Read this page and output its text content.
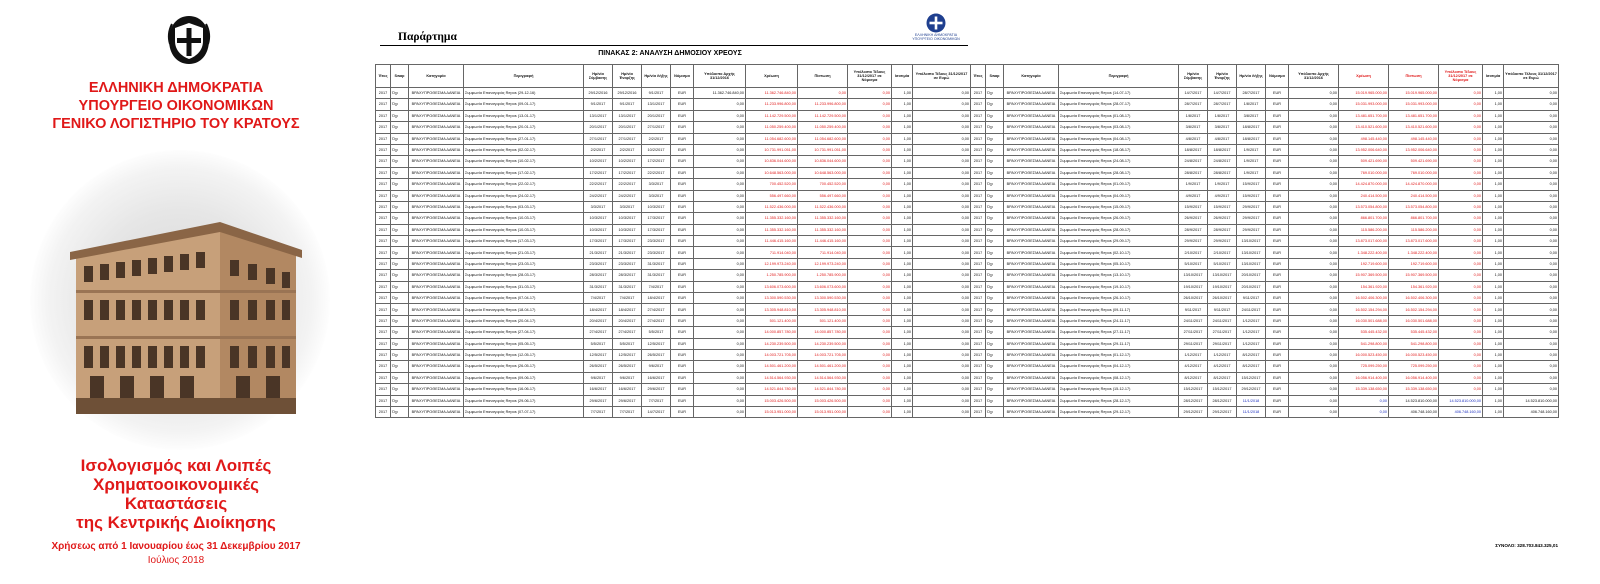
ΕΛΛΗΝΙΚΗ ΔΗΜΟΚΡΑΤΙΑ
ΥΠΟΥΡΓΕΙΟ ΟΙΚΟΝΟΜΙΚΩΝ
ΓΕΝΙΚΟ ΛΟΓΙΣΤΗΡΙΟ ΤΟΥ ΚΡΑΤΟΥΣ
Ισολογισμός και Λοιπές
Χρηματοοικονομικές
Καταστάσεις
της Κεντρικής Διοίκησης
Χρήσεως από 1 Ιανουαρίου έως 31 Δεκεμβρίου 2017
Ιούλιος 2018
Παράρτημα	ΕΛΛΗΝΙΚΗ ΔΗΜΟΚΡΑΤΙΑ
ΥΠΟΥΡΓΕΙΟ ΟΙΚΟΝΟΜΙΚΩΝ
ΠΙΝΑΚΑΣ 2: ΑΝΑΛΥΣΗ ΔΗΜΟΣΙΟΥ ΧΡΕΟΥΣ
Έτος	Swap	Κατηγορία	Περιγραφή	Ημ/νία Σύμβασης	Ημ/νία Έναρξης	Ημ/νία Λήξης	Νόμισμα	Υπόλοιπο Αρχής 31/12/2016	Χρέωση	Πίστωση	Υπόλοιπο Τέλους 31/12/2017 σε Νόμισμα	Ισοτιμία	Υπόλοιπο Τέλους 31/12/2017 σε Ευρώ
2017	Όχι	ΒΡΑΧΥΠΡΟΘΕΣΜΑ ΔΑΝΕΙΑ	Συμφωνία Επαναγοράς Repos (29-12-16)	29/12/2016	29/12/2016	9/1/2017	EUR	11.362.746.840,00	11.362.746.840,00	0,00	0,00	1,00	0,00
2017	Όχι	ΒΡΑΧΥΠΡΟΘΕΣΜΑ ΔΑΝΕΙΑ	Συμφωνία Επαναγοράς Repos (09-01-17)	9/1/2017	9/1/2017	13/1/2017	EUR	0,00	11.233.996.800,00	11.233.996.800,00	0,00	1,00	0,00
2017	Όχι	ΒΡΑΧΥΠΡΟΘΕΣΜΑ ΔΑΝΕΙΑ	Συμφωνία Επαναγοράς Repos (13-01-17)	13/1/2017	13/1/2017	20/1/2017	EUR	0,00	11.142.729.500,00	11.142.729.500,00	0,00	1,00	0,00
2017	Όχι	ΒΡΑΧΥΠΡΟΘΕΣΜΑ ΔΑΝΕΙΑ	Συμφωνία Επαναγοράς Repos (20-01-17)	20/1/2017	20/1/2017	27/1/2017	EUR	0,00	11.050.259.400,00	11.050.259.400,00	0,00	1,00	0,00
2017	Όχι	ΒΡΑΧΥΠΡΟΘΕΣΜΑ ΔΑΝΕΙΑ	Συμφωνία Επαναγοράς Repos (27-01-17)	27/1/2017	27/1/2017	2/2/2017	EUR	0,00	11.054.682.600,00	11.054.682.600,00	0,00	1,00	0,00
2017	Όχι	ΒΡΑΧΥΠΡΟΘΕΣΜΑ ΔΑΝΕΙΑ	Συμφωνία Επαναγοράς Repos (02-02-17)	2/2/2017	2/2/2017	10/2/2017	EUR	0,00	10.731.991.051,00	10.731.991.051,00	0,00	1,00	0,00
2017	Όχι	ΒΡΑΧΥΠΡΟΘΕΣΜΑ ΔΑΝΕΙΑ	Συμφωνία Επαναγοράς Repos (10-02-17)	10/2/2017	10/2/2017	17/2/2017	EUR	0,00	10.836.044.600,00	10.836.044.600,00	0,00	1,00	0,00
2017	Όχι	ΒΡΑΧΥΠΡΟΘΕΣΜΑ ΔΑΝΕΙΑ	Συμφωνία Επαναγοράς Repos (17-02-17)	17/2/2017	17/2/2017	22/2/2017	EUR	0,00	10.648.563.000,00	10.648.563.000,00	0,00	1,00	0,00
2017	Όχι	ΒΡΑΧΥΠΡΟΘΕΣΜΑ ΔΑΝΕΙΑ	Συμφωνία Επαναγοράς Repos (22-02-17)	22/2/2017	22/2/2017	3/3/2017	EUR	0,00	700.452.520,00	700.452.520,00	0,00	1,00	0,00
2017	Όχι	ΒΡΑΧΥΠΡΟΘΕΣΜΑ ΔΑΝΕΙΑ	Συμφωνία Επαναγοράς Repos (24-02-17)	24/2/2017	24/2/2017	3/3/2017	EUR	0,00	556.497.660,00	556.497.660,00	0,00	1,00	0,00
2017	Όχι	ΒΡΑΧΥΠΡΟΘΕΣΜΑ ΔΑΝΕΙΑ	Συμφωνία Επαναγοράς Repos (03-03-17)	3/3/2017	3/3/2017	10/3/2017	EUR	0,00	11.522.436.000,00	11.522.436.000,00	0,00	1,00	0,00
2017	Όχι	ΒΡΑΧΥΠΡΟΘΕΣΜΑ ΔΑΝΕΙΑ	Συμφωνία Επαναγοράς Repos (10-03-17)	10/3/2017	10/3/2017	17/3/2017	EUR	0,00	11.355.332.160,00	11.355.332.160,00	0,00	1,00	0,00
2017	Όχι	ΒΡΑΧΥΠΡΟΘΕΣΜΑ ΔΑΝΕΙΑ	Συμφωνία Επαναγοράς Repos (10-03-17)	10/3/2017	10/3/2017	17/3/2017	EUR	0,00	11.355.332.160,00	11.355.332.160,00	0,00	1,00	0,00
2017	Όχι	ΒΡΑΧΥΠΡΟΘΕΣΜΑ ΔΑΝΕΙΑ	Συμφωνία Επαναγοράς Repos (17-03-17)	17/3/2017	17/3/2017	23/3/2017	EUR	0,00	11.446.415.160,00	11.446.415.160,00	0,00	1,00	0,00
2017	Όχι	ΒΡΑΧΥΠΡΟΘΕΣΜΑ ΔΑΝΕΙΑ	Συμφωνία Επαναγοράς Repos (21-03-17)	21/3/2017	21/3/2017	23/3/2017	EUR	0,00	711.914.040,00	711.914.040,00	0,00	1,00	0,00
2017	Όχι	ΒΡΑΧΥΠΡΟΘΕΣΜΑ ΔΑΝΕΙΑ	Συμφωνία Επαναγοράς Repos (23-03-17)	23/3/2017	23/3/2017	31/3/2017	EUR	0,00	12.199.973.240,00	12.199.973.240,00	0,00	1,00	0,00
2017	Όχι	ΒΡΑΧΥΠΡΟΘΕΣΜΑ ΔΑΝΕΙΑ	Συμφωνία Επαναγοράς Repos (28-03-17)	28/3/2017	28/3/2017	31/3/2017	EUR	0,00	1.250.785.900,00	1.250.785.900,00	0,00	1,00	0,00
2017	Όχι	ΒΡΑΧΥΠΡΟΘΕΣΜΑ ΔΑΝΕΙΑ	Συμφωνία Επαναγοράς Repos (31-03-17)	31/3/2017	31/3/2017	7/4/2017	EUR	0,00	13.606.073.600,00	13.606.073.600,00	0,00	1,00	0,00
2017	Όχι	ΒΡΑΧΥΠΡΟΘΕΣΜΑ ΔΑΝΕΙΑ	Συμφωνία Επαναγοράς Repos (07-04-17)	7/4/2017	7/4/2017	18/4/2017	EUR	0,00	13.300.590.530,00	13.300.590.530,00	0,00	1,00	0,00
2017	Όχι	ΒΡΑΧΥΠΡΟΘΕΣΜΑ ΔΑΝΕΙΑ	Συμφωνία Επαναγοράς Repos (18-04-17)	18/4/2017	18/4/2017	27/4/2017	EUR	0,00	13.305.948.810,00	13.305.948.810,00	0,00	1,00	0,00
2017	Όχι	ΒΡΑΧΥΠΡΟΘΕΣΜΑ ΔΑΝΕΙΑ	Συμφωνία Επαναγοράς Repos (20-04-17)	20/4/2017	20/4/2017	27/4/2017	EUR	0,00	501.121.400,00	501.121.400,00	0,00	1,00	0,00
2017	Όχι	ΒΡΑΧΥΠΡΟΘΕΣΜΑ ΔΑΝΕΙΑ	Συμφωνία Επαναγοράς Repos (27-04-17)	27/4/2017	27/4/2017	5/5/2017	EUR	0,00	14.000.857.780,00	14.000.857.780,00	0,00	1,00	0,00
2017	Όχι	ΒΡΑΧΥΠΡΟΘΕΣΜΑ ΔΑΝΕΙΑ	Συμφωνία Επαναγοράς Repos (05-05-17)	5/5/2017	5/5/2017	12/5/2017	EUR	0,00	14.230.239.500,00	14.230.239.500,00	0,00	1,00	0,00
2017	Όχι	ΒΡΑΧΥΠΡΟΘΕΣΜΑ ΔΑΝΕΙΑ	Συμφωνία Επαναγοράς Repos (12-05-17)	12/5/2017	12/5/2017	26/5/2017	EUR	0,00	14.003.721.705,00	14.003.721.705,00	0,00	1,00	0,00
2017	Όχι	ΒΡΑΧΥΠΡΟΘΕΣΜΑ ΔΑΝΕΙΑ	Συμφωνία Επαναγοράς Repos (26-05-17)	26/5/2017	26/5/2017	9/6/2017	EUR	0,00	14.501.461.200,00	14.501.461.200,00	0,00	1,00	0,00
2017	Όχι	ΒΡΑΧΥΠΡΟΘΕΣΜΑ ΔΑΝΕΙΑ	Συμφωνία Επαναγοράς Repos (09-06-17)	9/6/2017	9/6/2017	16/6/2017	EUR	0,00	14.514.564.930,00	14.514.564.930,00	0,00	1,00	0,00
2017	Όχι	ΒΡΑΧΥΠΡΟΘΕΣΜΑ ΔΑΝΕΙΑ	Συμφωνία Επαναγοράς Repos (16-06-17)	16/6/2017	16/6/2017	29/6/2017	EUR	0,00	14.521.844.780,00	14.521.844.780,00	0,00	1,00	0,00
2017	Όχι	ΒΡΑΧΥΠΡΟΘΕΣΜΑ ΔΑΝΕΙΑ	Συμφωνία Επαναγοράς Repos (29-06-17)	29/6/2017	29/6/2017	7/7/2017	EUR	0,00	15.003.426.500,00	15.003.426.500,00	0,00	1,00	0,00
2017	Όχι	ΒΡΑΧΥΠΡΟΘΕΣΜΑ ΔΑΝΕΙΑ	Συμφωνία Επαναγοράς Repos (07-07-17)	7/7/2017	7/7/2017	14/7/2017	EUR	0,00	15.013.951.000,00	15.013.951.000,00	0,00	1,00	0,00
Έτος	Swap	Κατηγορία	Περιγραφή	Ημ/νία Σύμβασης	Ημ/νία Έναρξης	Ημ/νία Λήξης	Νόμισμα	Υπόλοιπο Αρχής 31/12/2016	Χρέωση	Πίστωση	Υπόλοιπο Τέλους 31/12/2017 σε Νόμισμα	Ισοτιμία	Υπόλοιπο Τέλους 31/12/2017 σε Ευρώ
2017	Όχι	ΒΡΑΧΥΠΡΟΘΕΣΜΑ ΔΑΝΕΙΑ	Συμφωνία Επαναγοράς Repos (14-07-17)	14/7/2017	14/7/2017	28/7/2017	EUR	0,00	15.019.965.000,00	15.019.965.000,00	0,00	1,00	0,00
2017	Όχι	ΒΡΑΧΥΠΡΟΘΕΣΜΑ ΔΑΝΕΙΑ	Συμφωνία Επαναγοράς Repos (28-07-17)	28/7/2017	28/7/2017	1/8/2017	EUR	0,00	15.031.993.000,00	15.031.993.000,00	0,00	1,00	0,00
2017	Όχι	ΒΡΑΧΥΠΡΟΘΕΣΜΑ ΔΑΝΕΙΑ	Συμφωνία Επαναγοράς Repos (01-08-17)	1/8/2017	1/8/2017	3/8/2017	EUR	0,00	13.481.651.700,00	13.481.651.700,00	0,00	1,00	0,00
2017	Όχι	ΒΡΑΧΥΠΡΟΘΕΣΜΑ ΔΑΝΕΙΑ	Συμφωνία Επαναγοράς Repos (03-08-17)	3/8/2017	3/8/2017	18/8/2017	EUR	0,00	13.410.521.600,00	13.410.521.600,00	0,00	1,00	0,00
2017	Όχι	ΒΡΑΧΥΠΡΟΘΕΣΜΑ ΔΑΝΕΙΑ	Συμφωνία Επαναγοράς Repos (04-08-17)	4/8/2017	4/8/2017	18/8/2017	EUR	0,00	498.145.440,00	498.145.440,00	0,00	1,00	0,00
2017	Όχι	ΒΡΑΧΥΠΡΟΘΕΣΜΑ ΔΑΝΕΙΑ	Συμφωνία Επαναγοράς Repos (18-08-17)	18/8/2017	18/8/2017	1/9/2017	EUR	0,00	13.952.006.640,00	13.952.006.640,00	0,00	1,00	0,00
2017	Όχι	ΒΡΑΧΥΠΡΟΘΕΣΜΑ ΔΑΝΕΙΑ	Συμφωνία Επαναγοράς Repos (24-08-17)	24/8/2017	24/8/2017	1/9/2017	EUR	0,00	509.421.690,00	509.421.690,00	0,00	1,00	0,00
2017	Όχι	ΒΡΑΧΥΠΡΟΘΕΣΜΑ ΔΑΝΕΙΑ	Συμφωνία Επαναγοράς Repos (28-08-17)	28/8/2017	28/8/2017	1/9/2017	EUR	0,00	769.010.000,00	769.010.000,00	0,00	1,00	0,00
2017	Όχι	ΒΡΑΧΥΠΡΟΘΕΣΜΑ ΔΑΝΕΙΑ	Συμφωνία Επαναγοράς Repos (01-09-17)	1/9/2017	1/9/2017	15/9/2017	EUR	0,00	14.424.870.000,00	14.424.870.000,00	0,00	1,00	0,00
2017	Όχι	ΒΡΑΧΥΠΡΟΘΕΣΜΑ ΔΑΝΕΙΑ	Συμφωνία Επαναγοράς Repos (04-09-17)	4/9/2017	4/9/2017	15/9/2017	EUR	0,00	240.414.500,00	240.414.500,00	0,00	1,00	0,00
2017	Όχι	ΒΡΑΧΥΠΡΟΘΕΣΜΑ ΔΑΝΕΙΑ	Συμφωνία Επαναγοράς Repos (15-09-17)	15/9/2017	15/9/2017	29/9/2017	EUR	0,00	13.573.054.800,00	13.573.054.800,00	0,00	1,00	0,00
2017	Όχι	ΒΡΑΧΥΠΡΟΘΕΣΜΑ ΔΑΝΕΙΑ	Συμφωνία Επαναγοράς Repos (26-09-17)	26/9/2017	26/9/2017	29/9/2017	EUR	0,00	866.801.700,00	866.801.700,00	0,00	1,00	0,00
2017	Όχι	ΒΡΑΧΥΠΡΟΘΕΣΜΑ ΔΑΝΕΙΑ	Συμφωνία Επαναγοράς Repos (28-09-17)	28/9/2017	28/9/2017	29/9/2017	EUR	0,00	115.586.200,00	115.586.200,00	0,00	1,00	0,00
2017	Όχι	ΒΡΑΧΥΠΡΟΘΕΣΜΑ ΔΑΝΕΙΑ	Συμφωνία Επαναγοράς Repos (29-09-17)	29/9/2017	29/9/2017	13/10/2017	EUR	0,00	13.873.017.600,00	13.873.017.600,00	0,00	1,00	0,00
2017	Όχι	ΒΡΑΧΥΠΡΟΘΕΣΜΑ ΔΑΝΕΙΑ	Συμφωνία Επαναγοράς Repos (02-10-17)	2/10/2017	2/10/2017	13/10/2017	EUR	0,00	1.348.222.400,00	1.348.222.400,00	0,00	1,00	0,00
2017	Όχι	ΒΡΑΧΥΠΡΟΘΕΣΜΑ ΔΑΝΕΙΑ	Συμφωνία Επαναγοράς Repos (05-10-17)	5/10/2017	5/10/2017	13/10/2017	EUR	0,00	192.719.600,00	192.719.600,00	0,00	1,00	0,00
2017	Όχι	ΒΡΑΧΥΠΡΟΘΕΣΜΑ ΔΑΝΕΙΑ	Συμφωνία Επαναγοράς Repos (13-10-17)	13/10/2017	13/10/2017	20/10/2017	EUR	0,00	15.907.369.500,00	15.907.369.500,00	0,00	1,00	0,00
2017	Όχι	ΒΡΑΧΥΠΡΟΘΕΣΜΑ ΔΑΝΕΙΑ	Συμφωνία Επαναγοράς Repos (19-10-17)	19/10/2017	19/10/2017	20/10/2017	EUR	0,00	154.361.920,00	154.361.920,00	0,00	1,00	0,00
2017	Όχι	ΒΡΑΧΥΠΡΟΘΕΣΜΑ ΔΑΝΕΙΑ	Συμφωνία Επαναγοράς Repos (26-10-17)	26/10/2017	26/10/2017	9/11/2017	EUR	0,00	16.502.406.300,00	16.502.406.300,00	0,00	1,00	0,00
2017	Όχι	ΒΡΑΧΥΠΡΟΘΕΣΜΑ ΔΑΝΕΙΑ	Συμφωνία Επαναγοράς Repos (09-11-17)	9/11/2017	9/11/2017	24/11/2017	EUR	0,00	16.502.154.294,00	16.502.154.294,00	0,00	1,00	0,00
2017	Όχι	ΒΡΑΧΥΠΡΟΘΕΣΜΑ ΔΑΝΕΙΑ	Συμφωνία Επαναγοράς Repos (24-11-17)	24/11/2017	24/11/2017	1/12/2017	EUR	0,00	16.030.501.688,00	16.030.501.688,00	0,00	1,00	0,00
2017	Όχι	ΒΡΑΧΥΠΡΟΘΕΣΜΑ ΔΑΝΕΙΑ	Συμφωνία Επαναγοράς Repos (27-11-17)	27/11/2017	27/11/2017	1/12/2017	EUR	0,00	535.445.432,00	535.445.432,00	0,00	1,00	0,00
2017	Όχι	ΒΡΑΧΥΠΡΟΘΕΣΜΑ ΔΑΝΕΙΑ	Συμφωνία Επαναγοράς Repos (29-11-17)	29/11/2017	29/11/2017	1/12/2017	EUR	0,00	541.298.800,00	541.298.800,00	0,00	1,00	0,00
2017	Όχι	ΒΡΑΧΥΠΡΟΘΕΣΜΑ ΔΑΝΕΙΑ	Συμφωνία Επαναγοράς Repos (01-12-17)	1/12/2017	1/12/2017	8/12/2017	EUR	0,00	16.000.523.450,00	16.000.523.450,00	0,00	1,00	0,00
2017	Όχι	ΒΡΑΧΥΠΡΟΘΕΣΜΑ ΔΑΝΕΙΑ	Συμφωνία Επαναγοράς Repos (04-12-17)	4/12/2017	4/12/2017	8/12/2017	EUR	0,00	725.099.250,00	725.099.250,00	0,00	1,00	0,00
2017	Όχι	ΒΡΑΧΥΠΡΟΘΕΣΜΑ ΔΑΝΕΙΑ	Συμφωνία Επαναγοράς Repos (08-12-17)	8/12/2017	8/12/2017	15/12/2017	EUR	0,00	16.056.914.400,00	16.056.914.400,00	0,00	1,00	0,00
2017	Όχι	ΒΡΑΧΥΠΡΟΘΕΣΜΑ ΔΑΝΕΙΑ	Συμφωνία Επαναγοράς Repos (15-12-17)	15/12/2017	15/12/2017	29/12/2017	EUR	0,00	15.339.138.650,00	15.339.138.650,00	0,00	1,00	0,00
2017	Όχι	ΒΡΑΧΥΠΡΟΘΕΣΜΑ ΔΑΝΕΙΑ	Συμφωνία Επαναγοράς Repos (28-12-17)	28/12/2017	28/12/2017	11/1/2018	EUR	0,00	0,00	14.523.810.000,00	14.523.810.000,00	1,00	14.523.810.000,00
2017	Όχι	ΒΡΑΧΥΠΡΟΘΕΣΜΑ ΔΑΝΕΙΑ	Συμφωνία Επαναγοράς Repos (29-12-17)	29/12/2017	29/12/2017	11/1/2018	EUR	0,00	0,00	406.748.160,00	406.748.160,00	1,00	406.748.160,00
ΣΥΝΟΛΟ: 328.703.843.325,01
